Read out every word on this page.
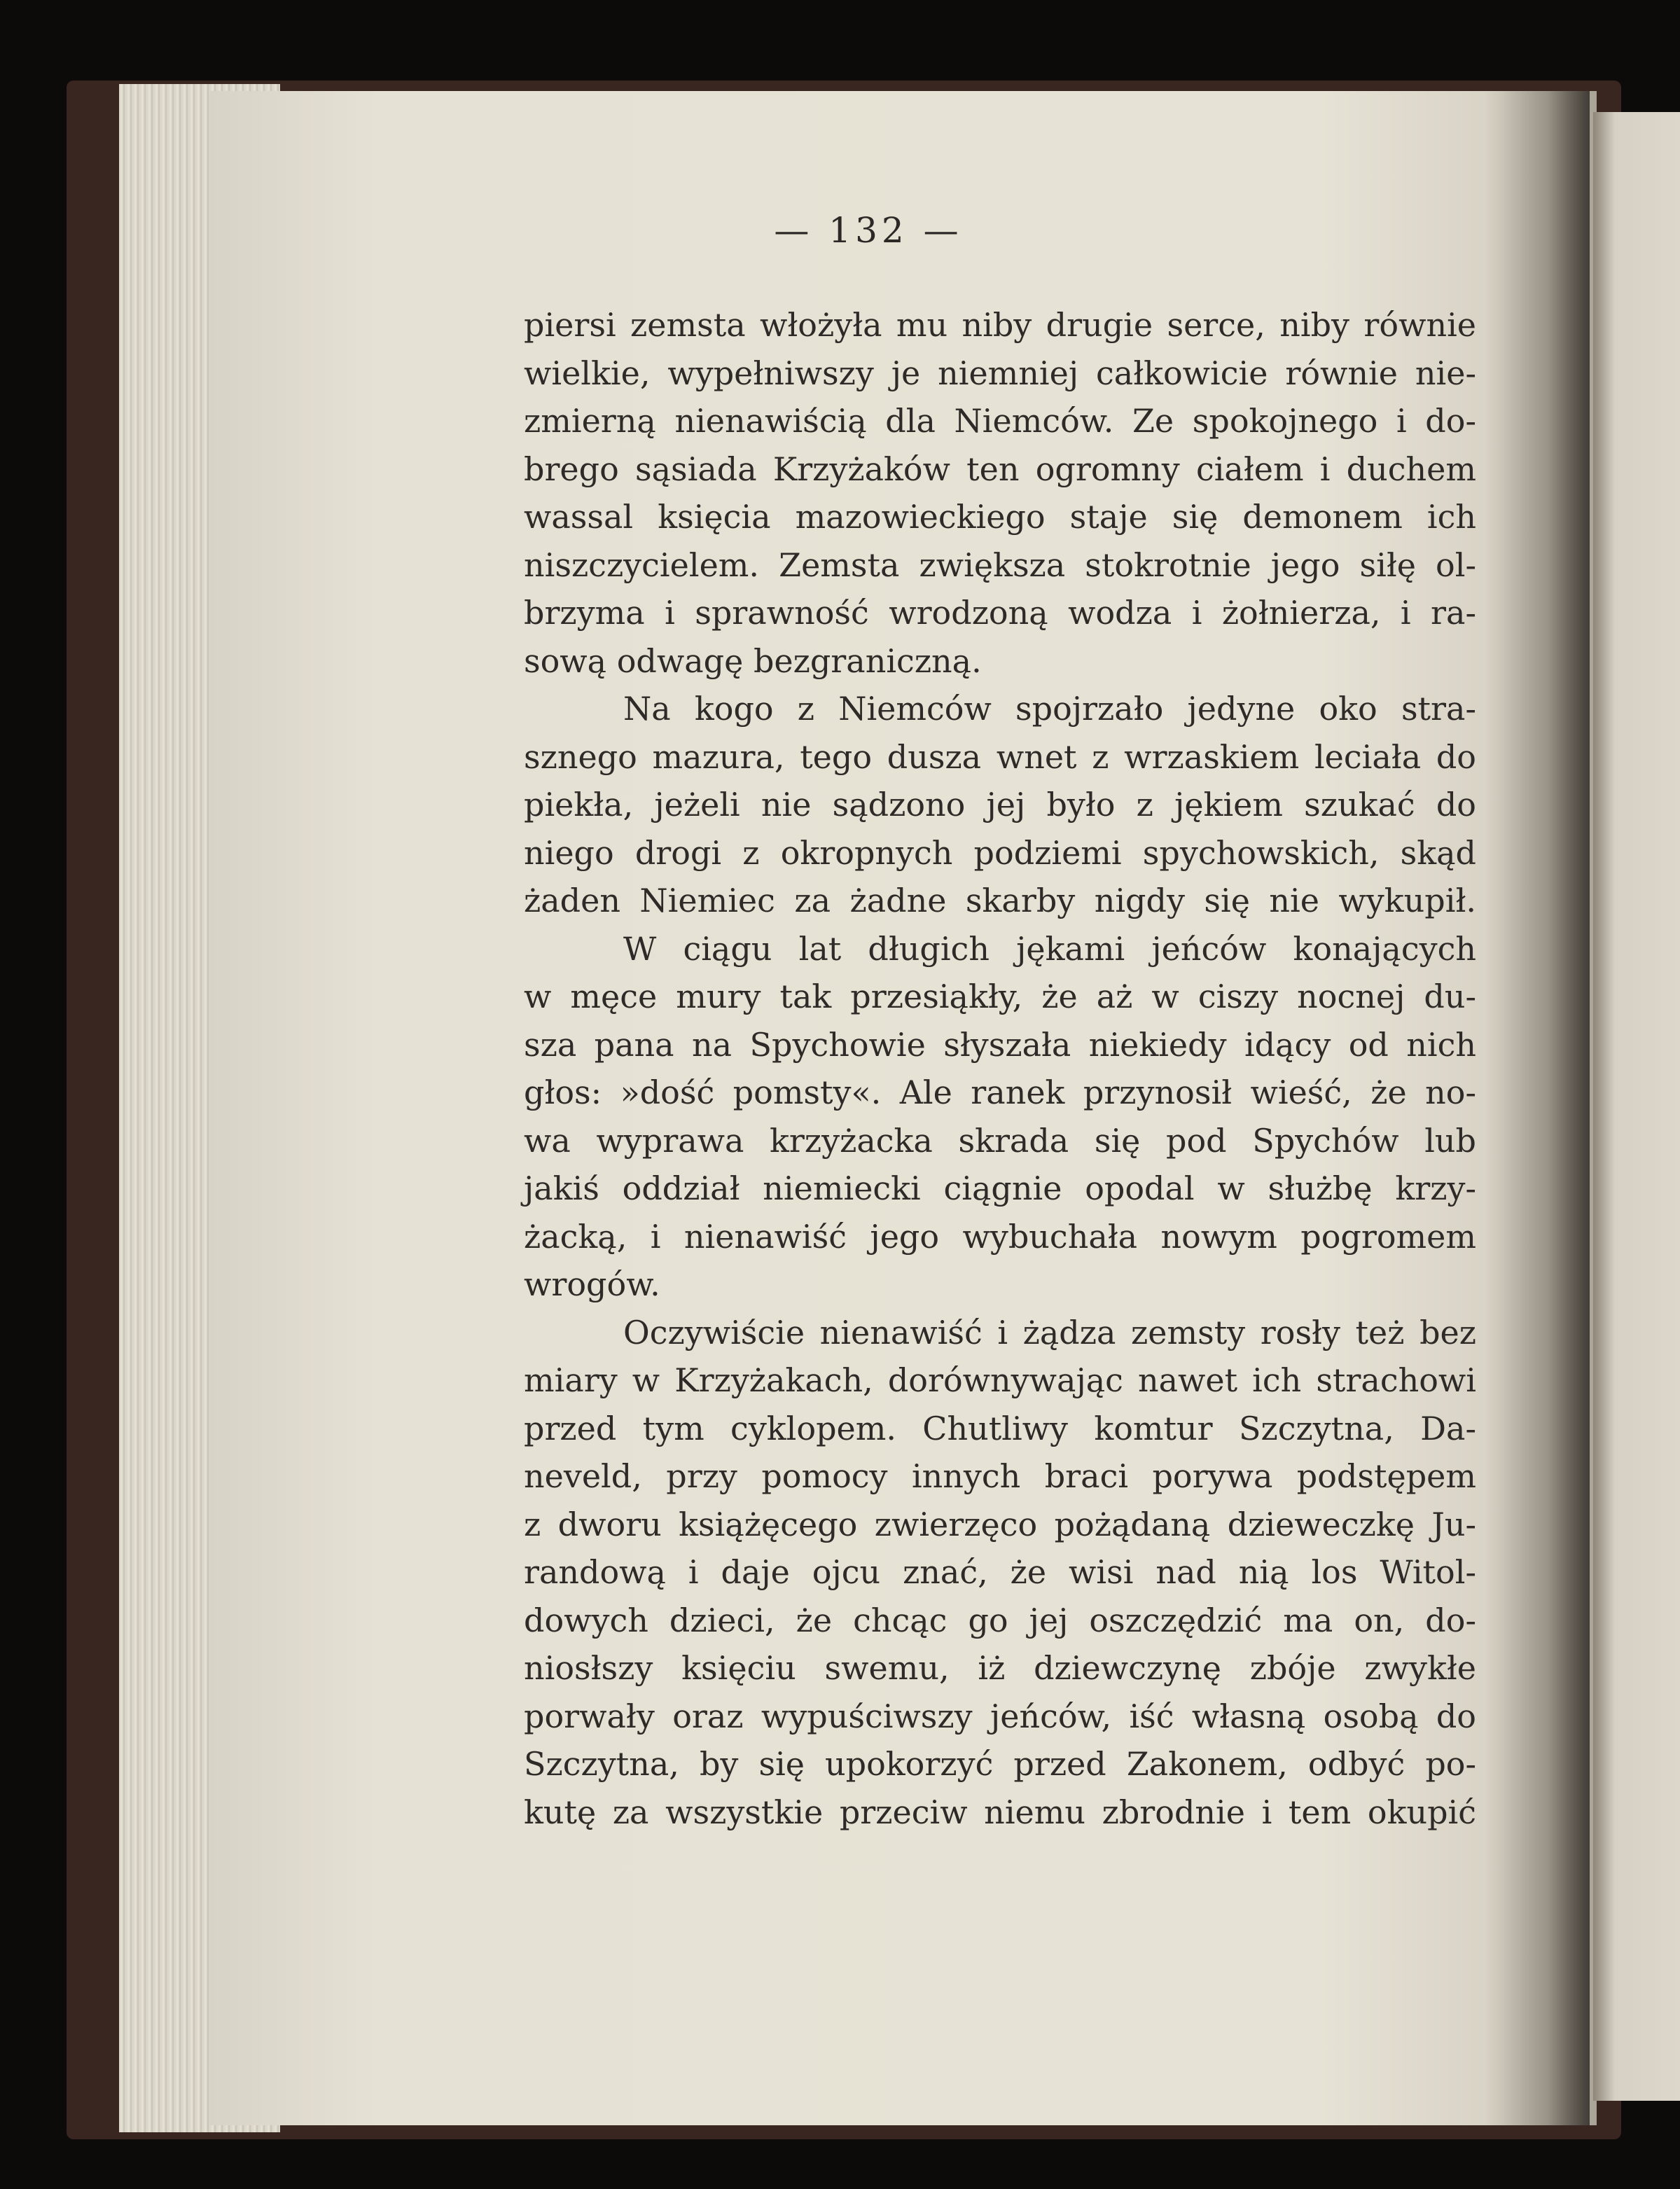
— 132 —
piersi zemsta włożyła mu niby drugie serce, niby równie
wielkie, wypełniwszy je niemniej całkowicie równie nie-
zmierną nienawiścią dla Niemców. Ze spokojnego i do-
brego sąsiada Krzyżaków ten ogromny ciałem i duchem
wassal księcia mazowieckiego staje się demonem ich
niszczycielem. Zemsta zwiększa stokrotnie jego siłę ol-
brzyma i sprawność wrodzoną wodza i żołnierza, i ra-
sową odwagę bezgraniczną.
Na kogo z Niemców spojrzało jedyne oko stra-
sznego mazura, tego dusza wnet z wrzaskiem leciała do
piekła, jeżeli nie sądzono jej było z jękiem szukać do
niego drogi z okropnych podziemi spychowskich, skąd
żaden Niemiec za żadne skarby nigdy się nie wykupił.
W ciągu lat długich jękami jeńców konających
w męce mury tak przesiąkły, że aż w ciszy nocnej du-
sza pana na Spychowie słyszała niekiedy idący od nich
głos: »dość pomsty«. Ale ranek przynosił wieść, że no-
wa wyprawa krzyżacka skrada się pod Spychów lub
jakiś oddział niemiecki ciągnie opodal w służbę krzy-
żacką, i nienawiść jego wybuchała nowym pogromem
wrogów.
Oczywiście nienawiść i żądza zemsty rosły też bez
miary w Krzyżakach, dorównywając nawet ich strachowi
przed tym cyklopem. Chutliwy komtur Szczytna, Da-
neveld, przy pomocy innych braci porywa podstępem
z dworu książęcego zwierzęco pożądaną dzieweczkę Ju-
randową i daje ojcu znać, że wisi nad nią los Witol-
dowych dzieci, że chcąc go jej oszczędzić ma on, do-
niosłszy księciu swemu, iż dziewczynę zbóje zwykłe
porwały oraz wypuściwszy jeńców, iść własną osobą do
Szczytna, by się upokorzyć przed Zakonem, odbyć po-
kutę za wszystkie przeciw niemu zbrodnie i tem okupić
